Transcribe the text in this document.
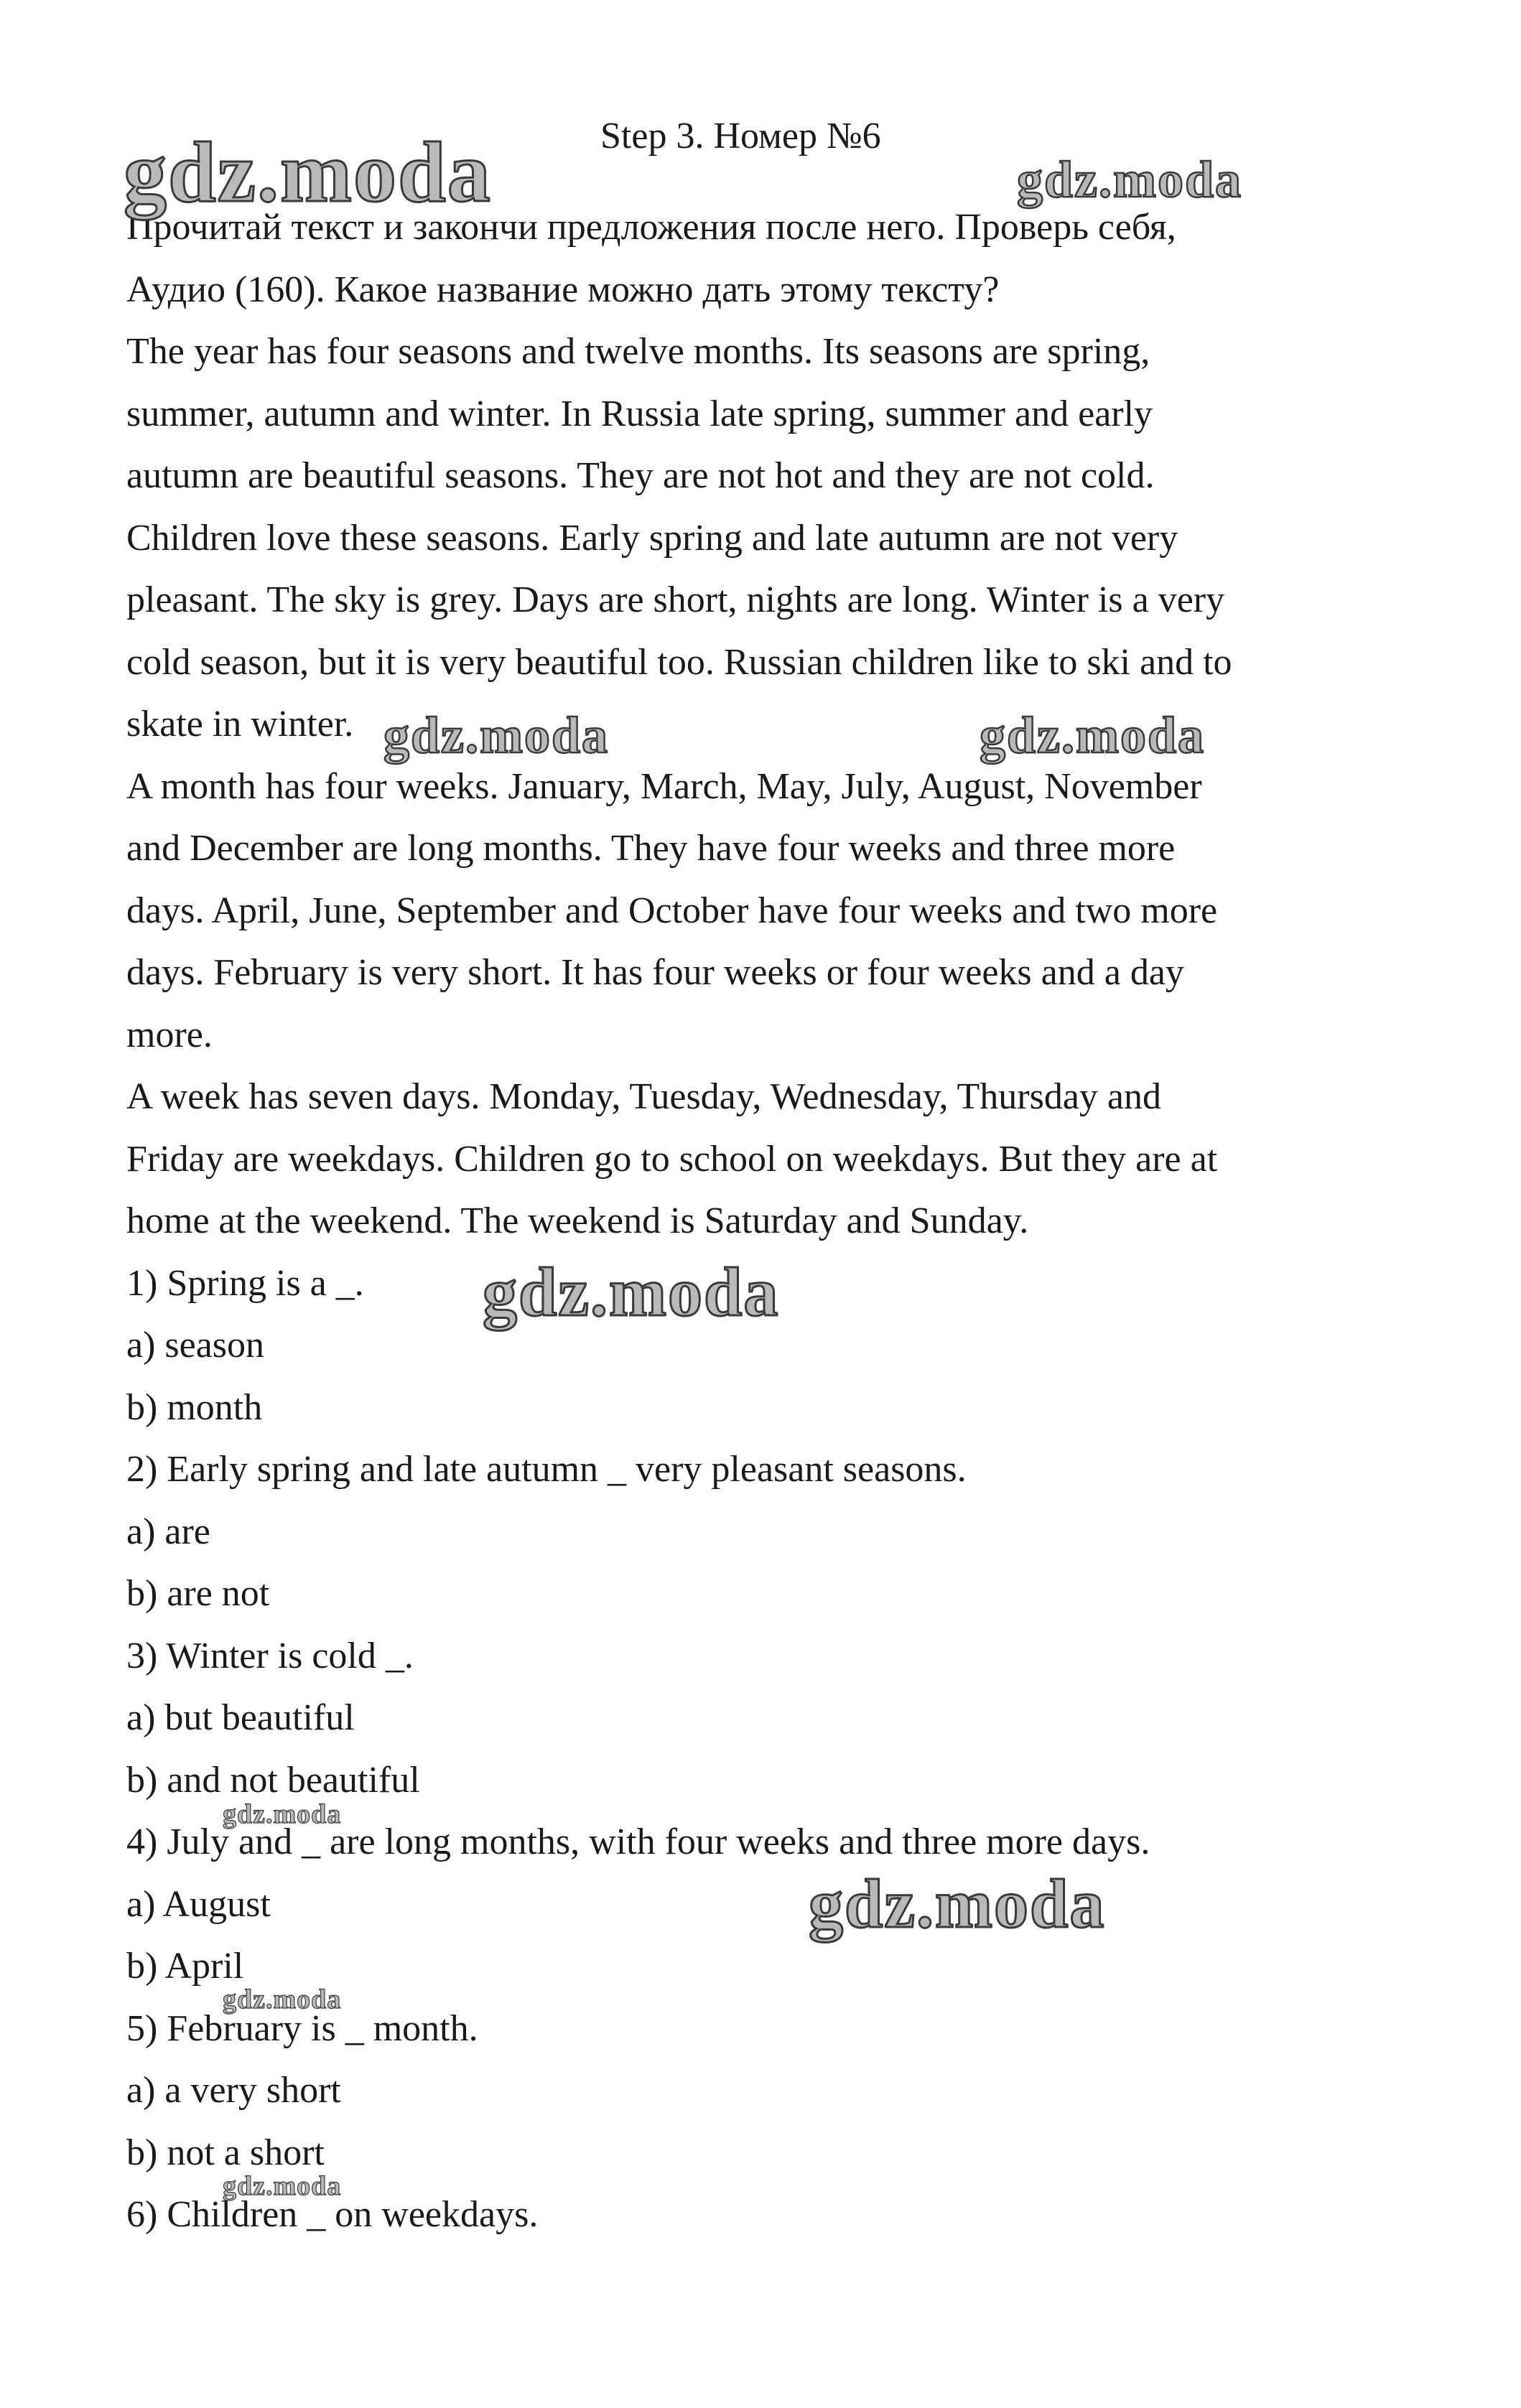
Step 3. Номер №6
Прочитай текст и закончи предложения после него. Проверь себя,
Аудио (160). Какое название можно дать этому тексту?
The year has four seasons and twelve months. Its seasons are spring,
summer, autumn and winter. In Russia late spring, summer and early
autumn are beautiful seasons. They are not hot and they are not cold.
Children love these seasons. Early spring and late autumn are not very
pleasant. The sky is grey. Days are short, nights are long. Winter is a very
cold season, but it is very beautiful too. Russian children like to ski and to
skate in winter.
A month has four weeks. January, March, May, July, August, November
and December are long months. They have four weeks and three more
days. April, June, September and October have four weeks and two more
days. February is very short. It has four weeks or four weeks and a day
more.
A week has seven days. Monday, Tuesday, Wednesday, Thursday and
Friday are weekdays. Children go to school on weekdays. But they are at
home at the weekend. The weekend is Saturday and Sunday.
1) Spring is a _.
a) season
b) month
2) Early spring and late autumn _ very pleasant seasons.
a) are
b) are not
3) Winter is cold _.
a) but beautiful
b) and not beautiful
4) July and _ are long months, with four weeks and three more days.
a) August
b) April
5) February is _ month.
a) a very short
b) not a short
6) Children _ on weekdays.
gdz.moda	gdz.moda
gdz.moda	gdz.moda
gdz.moda
gdz.moda
gdz.moda
gdz.moda
gdz.moda
